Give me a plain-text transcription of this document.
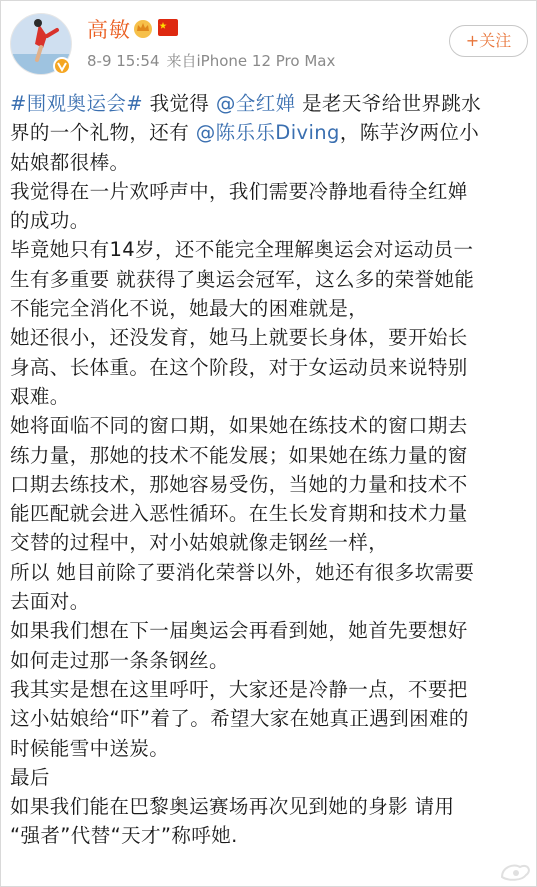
高敏
8-9 15:54 来自iPhone 12 Pro Max
+关注
#围观奥运会# 我觉得 @全红婵 是老天爷给世界跳水
界的一个礼物，还有 @陈乐乐Diving，陈芋汐两位小
姑娘都很棒。
我觉得在一片欢呼声中，我们需要冷静地看待全红婵
的成功。
毕竟她只有14岁，还不能完全理解奥运会对运动员一
生有多重要 就获得了奥运会冠军，这么多的荣誉她能
不能完全消化不说，她最大的困难就是，
她还很小，还没发育，她马上就要长身体，要开始长
身高、长体重。在这个阶段，对于女运动员来说特别
艰难。
她将面临不同的窗口期，如果她在练技术的窗口期去
练力量，那她的技术不能发展；如果她在练力量的窗
口期去练技术，那她容易受伤，当她的力量和技术不
能匹配就会进入恶性循环。在生长发育期和技术力量
交替的过程中，对小姑娘就像走钢丝一样，
所以 她目前除了要消化荣誉以外，她还有很多坎需要
去面对。
如果我们想在下一届奥运会再看到她，她首先要想好
如何走过那一条条钢丝。
我其实是想在这里呼吁，大家还是冷静一点，不要把
这小姑娘给“吓”着了。希望大家在她真正遇到困难的
时候能雪中送炭。
最后
如果我们能在巴黎奥运赛场再次见到她的身影 请用
“强者”代替“天才”称呼她.
